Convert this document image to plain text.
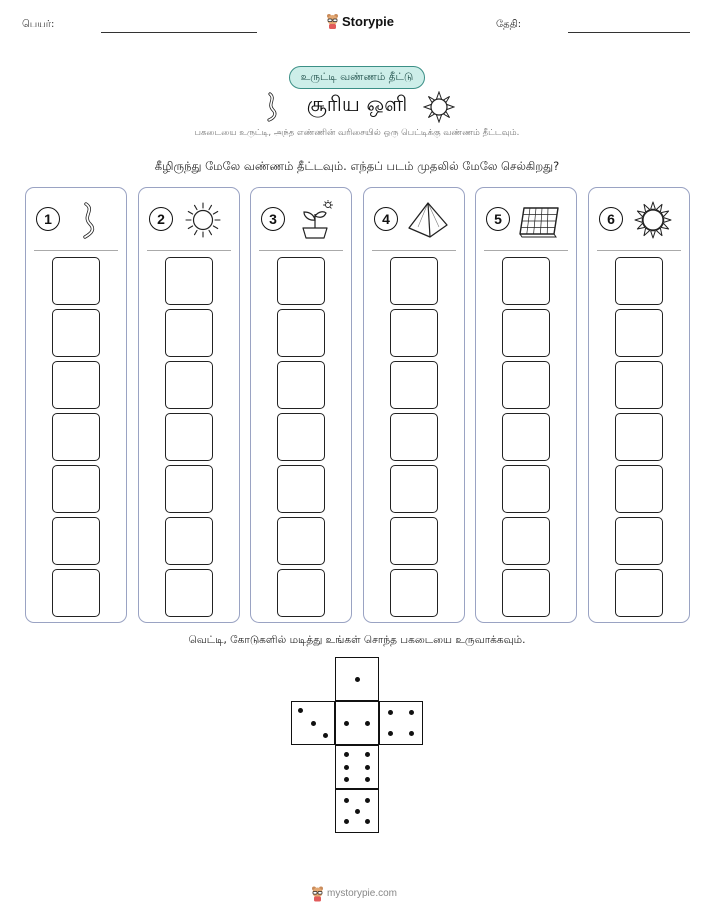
பெயர்:	Storypie	தேதி:
உருட்டி வண்ணம் தீட்டு
சூரிய ஒளி
பகடையை உருட்டி, அந்த எண்ணின் வரிசையில் ஒரு பெட்டிக்கு வண்ணம் தீட்டவும்.
கீழிருந்து மேலே வண்ணம் தீட்டவும். எந்தப் படம் முதலில் மேலே செல்கிறது?
1	2	3	4	5	6
வெட்டி, கோடுகளில் மடித்து உங்கள் சொந்த பகடையை உருவாக்கவும்.
mystorypie.com
